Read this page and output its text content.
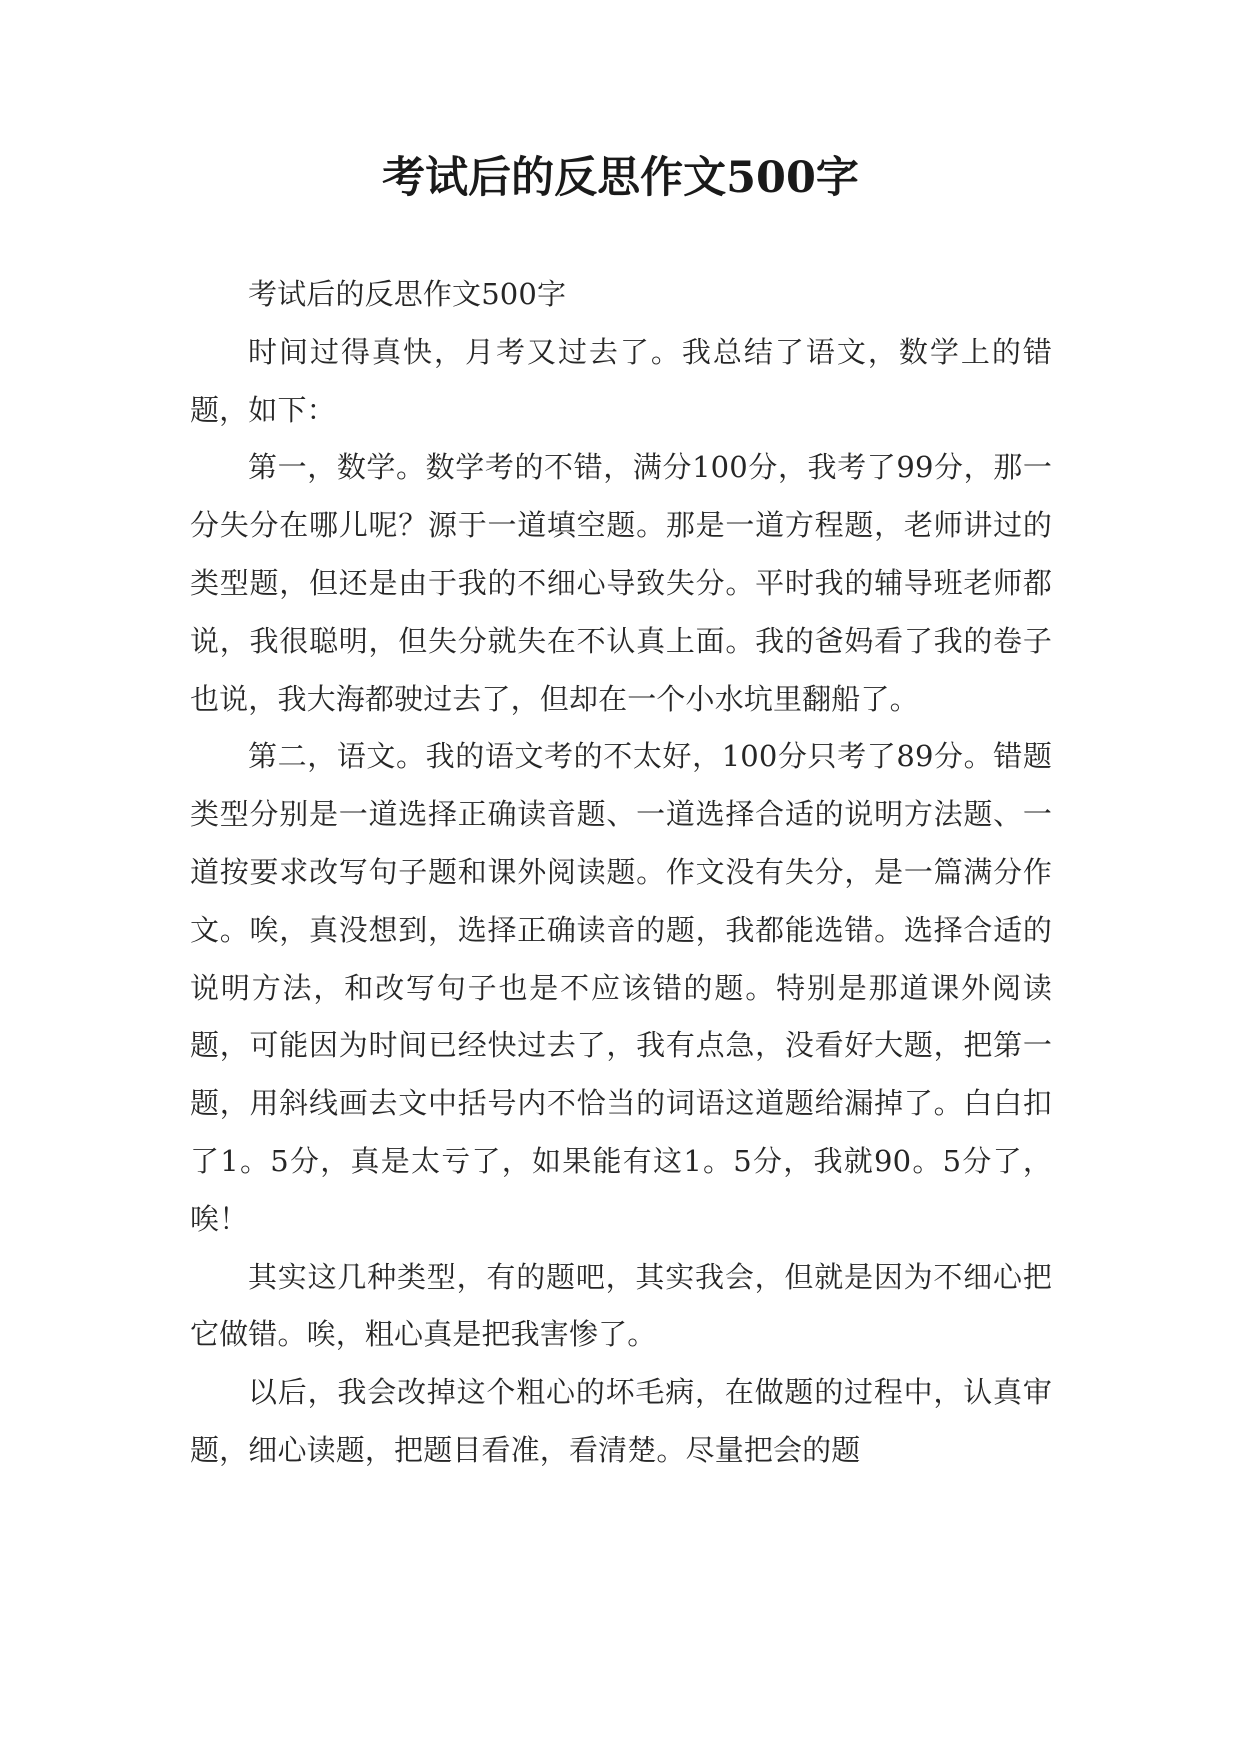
考试后的反思作文500字

考试后的反思作文500字

时间过得真快，月考又过去了。我总结了语文，数学上的错题，如下：

第一，数学。数学考的不错，满分100分，我考了99分，那一分失分在哪儿呢？源于一道填空题。那是一道方程题，老师讲过的类型题，但还是由于我的不细心导致失分。平时我的辅导班老师都说，我很聪明，但失分就失在不认真上面。我的爸妈看了我的卷子也说，我大海都驶过去了，但却在一个小水坑里翻船了。

第二，语文。我的语文考的不太好，100分只考了89分。错题类型分别是一道选择正确读音题、一道选择合适的说明方法题、一道按要求改写句子题和课外阅读题。作文没有失分，是一篇满分作文。唉，真没想到，选择正确读音的题，我都能选错。选择合适的说明方法，和改写句子也是不应该错的题。特别是那道课外阅读题，可能因为时间已经快过去了，我有点急，没看好大题，把第一题，用斜线画去文中括号内不恰当的词语这道题给漏掉了。白白扣了1。5分，真是太亏了，如果能有这1。5分，我就90。5分了，唉！

其实这几种类型，有的题吧，其实我会，但就是因为不细心把它做错。唉，粗心真是把我害惨了。

以后，我会改掉这个粗心的坏毛病，在做题的过程中，认真审题，细心读题，把题目看准，看清楚。尽量把会的题
